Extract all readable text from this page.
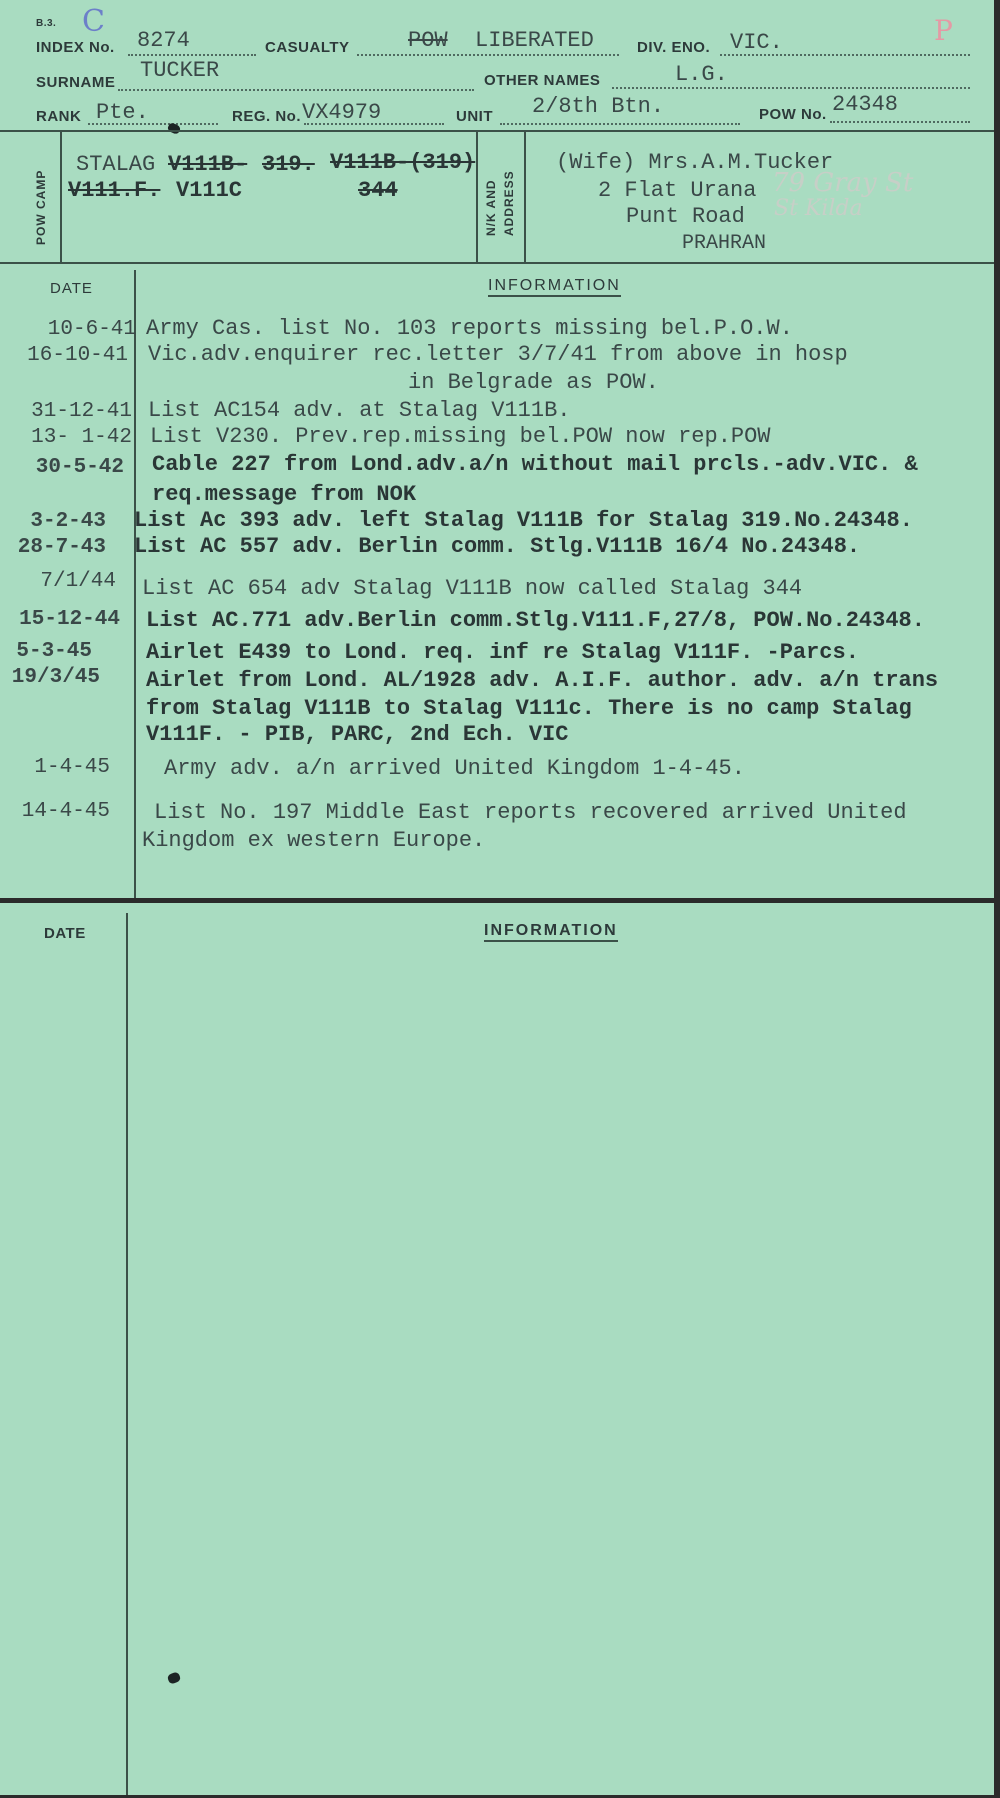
B.3. C	P
INDEX No. 8274	CASUALTY	POW LIBERATED	DIV. ENO. VIC.
SURNAME TUCKER	OTHER NAMES	L.G.
RANK Pte.	REG. No. VX4979	UNIT 2/8th Btn.	POW No. 24348
POW CAMP	N/K AND ADDRESS
STALAG V111B- 319. V111B-(319)
V111.F. V111C	344
(Wife) Mrs.A.M.Tucker
2 Flat Urana
Punt Road
PRAHRAN
79 Gray St
St Kilda
DATE	INFORMATION
10-6-41 Army Cas. list No. 103 reports missing bel.P.O.W.
16-10-41 Vic.adv.enquirer rec.letter 3/7/41 from above in hosp
in Belgrade as POW.
31-12-41 List AC154 adv. at Stalag V111B.
13- 1-42 List V230. Prev.rep.missing bel.POW now rep.POW
30-5-42 Cable 227 from Lond.adv.a/n without mail prcls.-adv.VIC. &
req.message from NOK
3-2-43 List Ac 393 adv. left Stalag V111B for Stalag 319.No.24348.
28-7-43 List AC 557 adv. Berlin comm. Stlg.V111B 16/4 No.24348.
7/1/44 List AC 654 adv Stalag V111B now called Stalag 344
15-12-44 List AC.771 adv.Berlin comm.Stlg.V111.F,27/8, POW.No.24348.
5-3-45 Airlet E439 to Lond. req. inf re Stalag V111F. -Parcs.
19/3/45 Airlet from Lond. AL/1928 adv. A.I.F. author. adv. a/n trans
from Stalag V111B to Stalag V111c. There is no camp Stalag
V111F. - PIB, PARC, 2nd Ech. VIC
1-4-45 Army adv. a/n arrived United Kingdom 1-4-45.
14-4-45 List No. 197 Middle East reports recovered arrived United
Kingdom ex western Europe.
DATE	INFORMATION
